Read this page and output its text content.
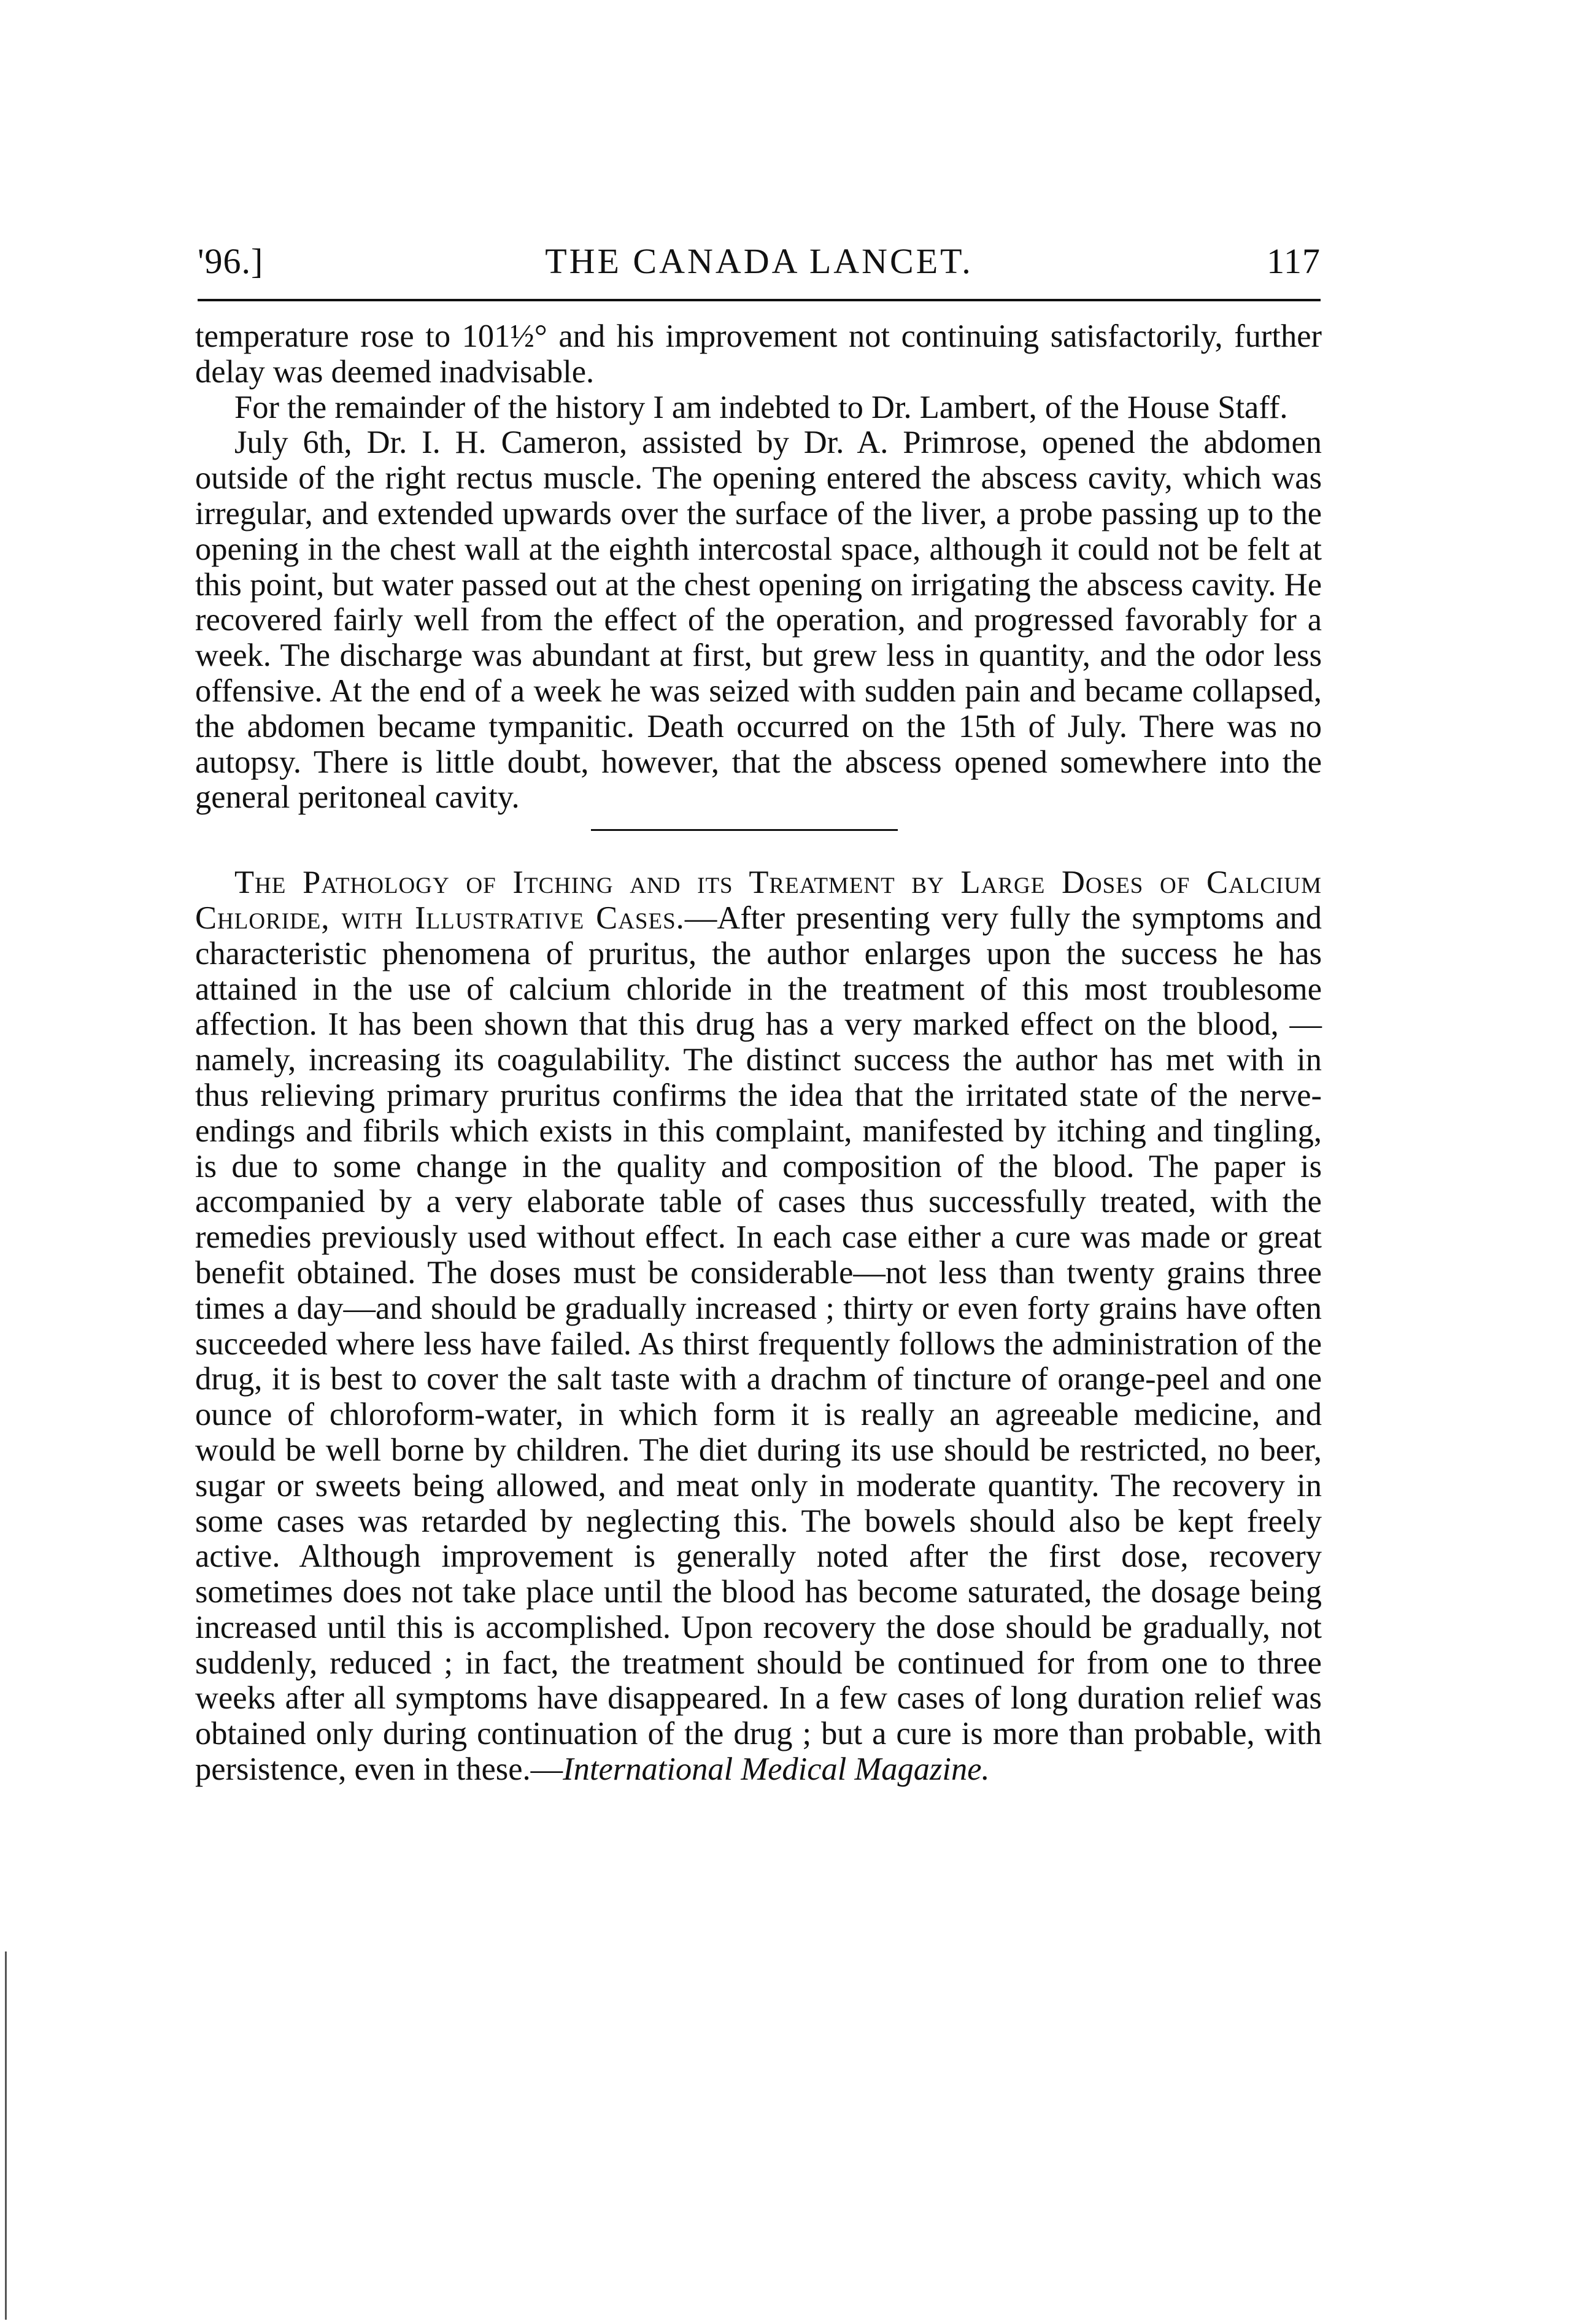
'96.]	THE CANADA LANCET.	117

temperature rose to 101½° and his improvement not continuing satisfactorily, further delay was deemed inadvisable.

For the remainder of the history I am indebted to Dr. Lambert, of the House Staff.

July 6th, Dr. I. H. Cameron, assisted by Dr. A. Primrose, opened the abdomen outside of the right rectus muscle. The opening entered the abscess cavity, which was irregular, and extended upwards over the surface of the liver, a probe passing up to the opening in the chest wall at the eighth intercostal space, although it could not be felt at this point, but water passed out at the chest opening on irrigating the abscess cavity. He recovered fairly well from the effect of the operation, and progressed favorably for a week. The discharge was abundant at first, but grew less in quantity, and the odor less offensive. At the end of a week he was seized with sudden pain and became collapsed, the abdomen became tympanitic. Death occurred on the 15th of July. There was no autopsy. There is little doubt, however, that the abscess opened somewhere into the general peritoneal cavity.

The Pathology of Itching and its Treatment by Large Doses of Calcium Chloride, with Illustrative Cases.—After presenting very fully the symptoms and characteristic phenomena of pruritus, the author enlarges upon the success he has attained in the use of calcium chloride in the treatment of this most troublesome affection. It has been shown that this drug has a very marked effect on the blood, —namely, increasing its coagulability. The distinct success the author has met with in thus relieving primary pruritus confirms the idea that the irritated state of the nerve-endings and fibrils which exists in this complaint, manifested by itching and tingling, is due to some change in the quality and composition of the blood. The paper is accompanied by a very elaborate table of cases thus successfully treated, with the remedies previously used without effect. In each case either a cure was made or great benefit obtained. The doses must be considerable—not less than twenty grains three times a day—and should be gradually increased ; thirty or even forty grains have often succeeded where less have failed. As thirst frequently follows the administration of the drug, it is best to cover the salt taste with a drachm of tincture of orange-peel and one ounce of chloroform-water, in which form it is really an agreeable medicine, and would be well borne by children. The diet during its use should be restricted, no beer, sugar or sweets being allowed, and meat only in moderate quantity. The recovery in some cases was retarded by neglecting this. The bowels should also be kept freely active. Although improvement is generally noted after the first dose, recovery sometimes does not take place until the blood has become saturated, the dosage being increased until this is accomplished. Upon recovery the dose should be gradually, not suddenly, reduced ; in fact, the treatment should be continued for from one to three weeks after all symptoms have disappeared. In a few cases of long duration relief was obtained only during continuation of the drug ; but a cure is more than probable, with persistence, even in these.—International Medical Magazine.
